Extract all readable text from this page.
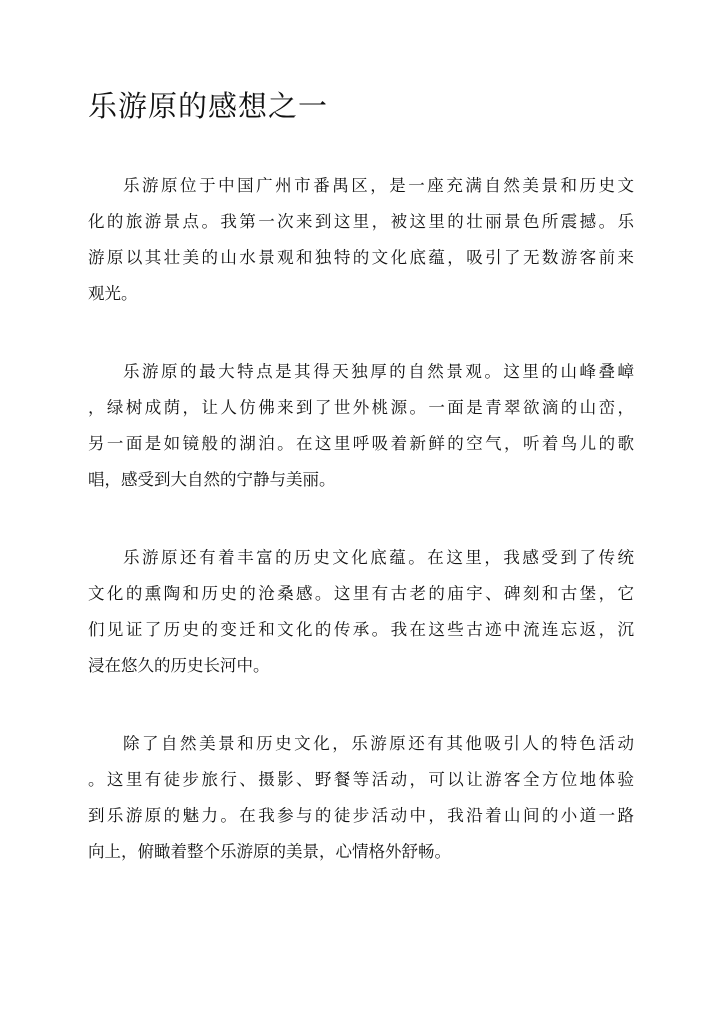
乐游原的感想之一
乐游原位于中国广州市番禺区，是一座充满自然美景和历史文
化的旅游景点。我第一次来到这里，被这里的壮丽景色所震撼。乐
游原以其壮美的山水景观和独特的文化底蕴，吸引了无数游客前来
观光。
乐游原的最大特点是其得天独厚的自然景观。这里的山峰叠嶂
，绿树成荫，让人仿佛来到了世外桃源。一面是青翠欲滴的山峦，
另一面是如镜般的湖泊。在这里呼吸着新鲜的空气，听着鸟儿的歌
唱，感受到大自然的宁静与美丽。
乐游原还有着丰富的历史文化底蕴。在这里，我感受到了传统
文化的熏陶和历史的沧桑感。这里有古老的庙宇、碑刻和古堡，它
们见证了历史的变迁和文化的传承。我在这些古迹中流连忘返，沉
浸在悠久的历史长河中。
除了自然美景和历史文化，乐游原还有其他吸引人的特色活动
。这里有徒步旅行、摄影、野餐等活动，可以让游客全方位地体验
到乐游原的魅力。在我参与的徒步活动中，我沿着山间的小道一路
向上，俯瞰着整个乐游原的美景，心情格外舒畅。
